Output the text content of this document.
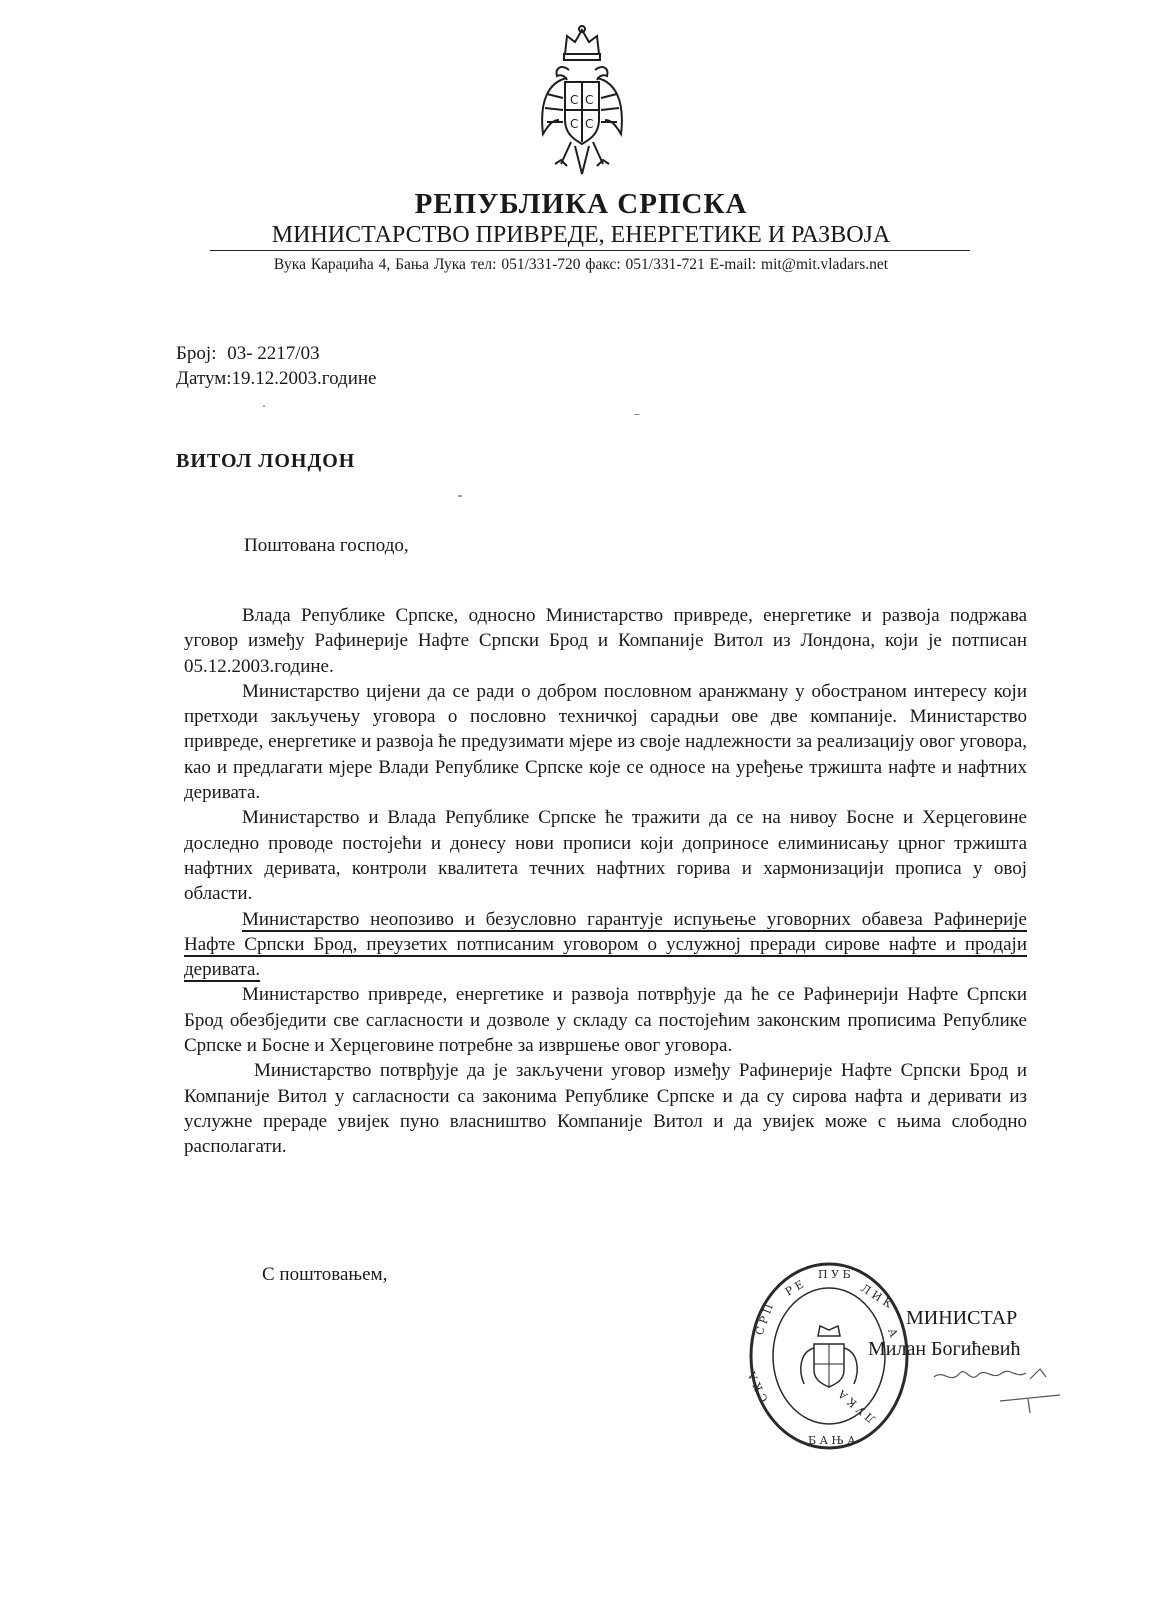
С С
С С
РЕПУБЛИКА СРПСКА
МИНИСТАРСТВО ПРИВРЕДЕ, ЕНЕРГЕТИКЕ И РАЗВОЈА
Вука Караџића 4, Бања Лука тел: 051/331-720 факс: 051/331-721 E-mail: mit@mit.vladars.net
Број: 03- 2217/03
Датум:19.12.2003.године
ВИТОЛ ЛОНДОН
Поштована господо,

Влада Републике Српске, односно Министарство привреде, енергетике и развоја подржава уговор између Рафинерије Нафте Српски Брод и Компаније Витол из Лондона, који је потписан 05.12.2003.године.

Министарство цијени да се ради о добром пословном аранжману у обостраном интересу који претходи закључењу уговора о пословно техничкој сарадњи ове две компаније. Министарство привреде, енергетике и развоја ће предузимати мјере из своје надлежности за реализацију овог уговора, као и предлагати мјере Влади Републике Српске које се односе на уређење тржишта нафте и нафтних деривата.

Министарство и Влада Републике Српске ће тражити да се на нивоу Босне и Херцеговине доследно проводе постојећи и донесу нови прописи који доприносе елиминисању црног тржишта нафтних деривата, контроли квалитета течних нафтних горива и хармонизацији прописа у овој области.

Министарство неопозиво и безусловно гарантује испуњење уговорних обавеза Рафинерије Нафте Српски Брод, преузетих потписаним уговором о услужној преради сирове нафте и продаји деривата.

Министарство привреде, енергетике и развоја потврђује да ће се Рафинерији Нафте Српски Брод обезбједити све сагласности и дозволе у складу са постојећим законским прописима Републике Српске и Босне и Херцеговине потребне за извршење овог уговора.

Министарство потврђује да је закључени уговор између Рафинерије Нафте Српски Брод и Компаније Витол у сагласности са законима Републике Српске и да су сирова нафта и деривати из услужне прераде увијек пуно власништво Компаније Витол и да увијек може с њима слободно располагати.

С поштовањем,
Р Е
П У Б
Л И К
А
С Р П
С К А
Б А Њ А
Л У К А
МИНИСТАР
Милан Богићевић
